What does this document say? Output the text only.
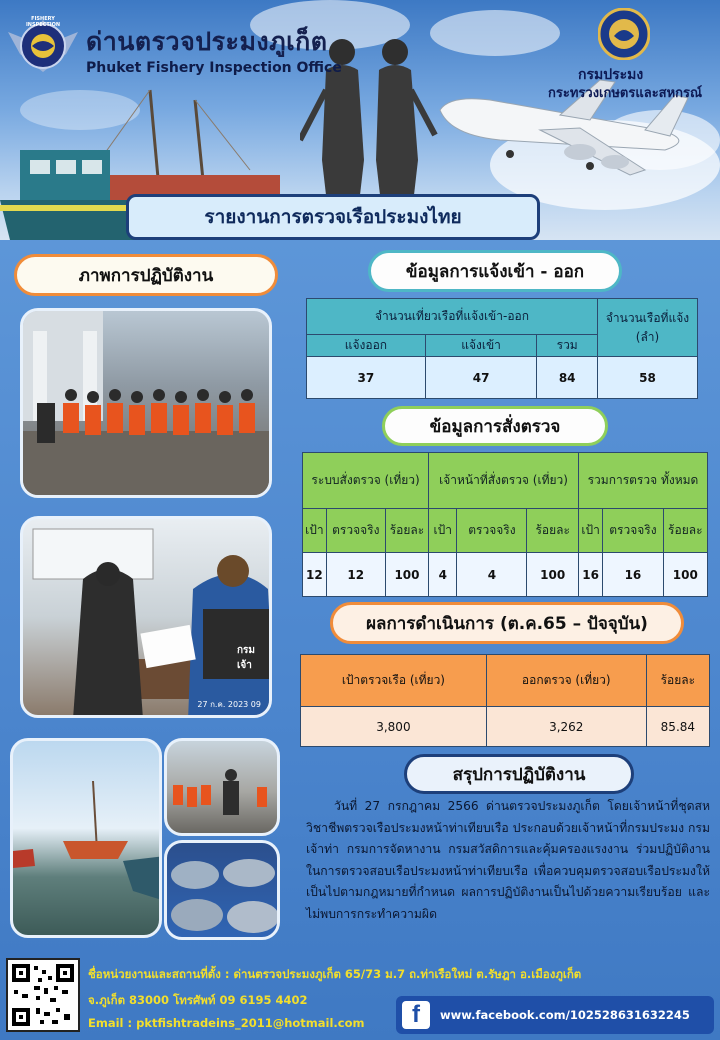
FISHERY INSPECTION
ด่านตรวจประมงภูเก็ต
Phuket Fishery Inspection Office	กรมประมง
กระทรวงเกษตรและสหกรณ์
รายงานการตรวจเรือประมงไทย
ภาพการปฏิบัติงาน
กรมเจ้า
27 ก.ค. 2023 09
ข้อมูลการแจ้งเข้า - ออก
จำนวนเที่ยวเรือที่แจ้งเข้า-ออก			จำนวนเรือที่แจ้ง (ลำ)
แจ้งออก	แจ้งเข้า	รวม	
37	47	84	58
ข้อมูลการสั่งตรวจ
ระบบสั่งตรวจ (เที่ยว)			เจ้าหน้าที่สั่งตรวจ (เที่ยว)			รวมการตรวจ ทั้งหมด		
เป้า	ตรวจจริง	ร้อยละ	เป้า	ตรวจจริง	ร้อยละ	เป้า	ตรวจจริง	ร้อยละ
12	12	100	4	4	100	16	16	100
ผลการดำเนินการ (ต.ค.65 – ปัจจุบัน)
เป้าตรวจเรือ (เที่ยว)	ออกตรวจ (เที่ยว)	ร้อยละ
3,800	3,262	85.84
สรุปการปฏิบัติงาน
วันที่ 27 กรกฎาคม 2566 ด่านตรวจประมงภูเก็ต โดยเจ้าหน้าที่ชุดสหวิชาชีพตรวจเรือประมงหน้าท่าเทียบเรือ ประกอบด้วยเจ้าหน้าที่กรมประมง กรมเจ้าท่า กรมการจัดหางาน กรมสวัสดิการและคุ้มครองแรงงาน ร่วมปฏิบัติงานในการตรวจสอบเรือประมงหน้าท่าเทียบเรือ เพื่อควบคุมตรวจสอบเรือประมงให้เป็นไปตามกฎหมายที่กำหนด ผลการปฏิบัติงานเป็นไปด้วยความเรียบร้อย และไม่พบการกระทำความผิด
ชื่อหน่วยงานและสถานที่ตั้ง : ด่านตรวจประมงภูเก็ต 65/73 ม.7 ถ.ท่าเรือใหม่ ต.รัษฎา อ.เมืองภูเก็ต
จ.ภูเก็ต 83000 โทรศัพท์ 09 6195 4402
Email : pktfishtradeins_2011@hotmail.com	f	www.facebook.com/102528631632245
